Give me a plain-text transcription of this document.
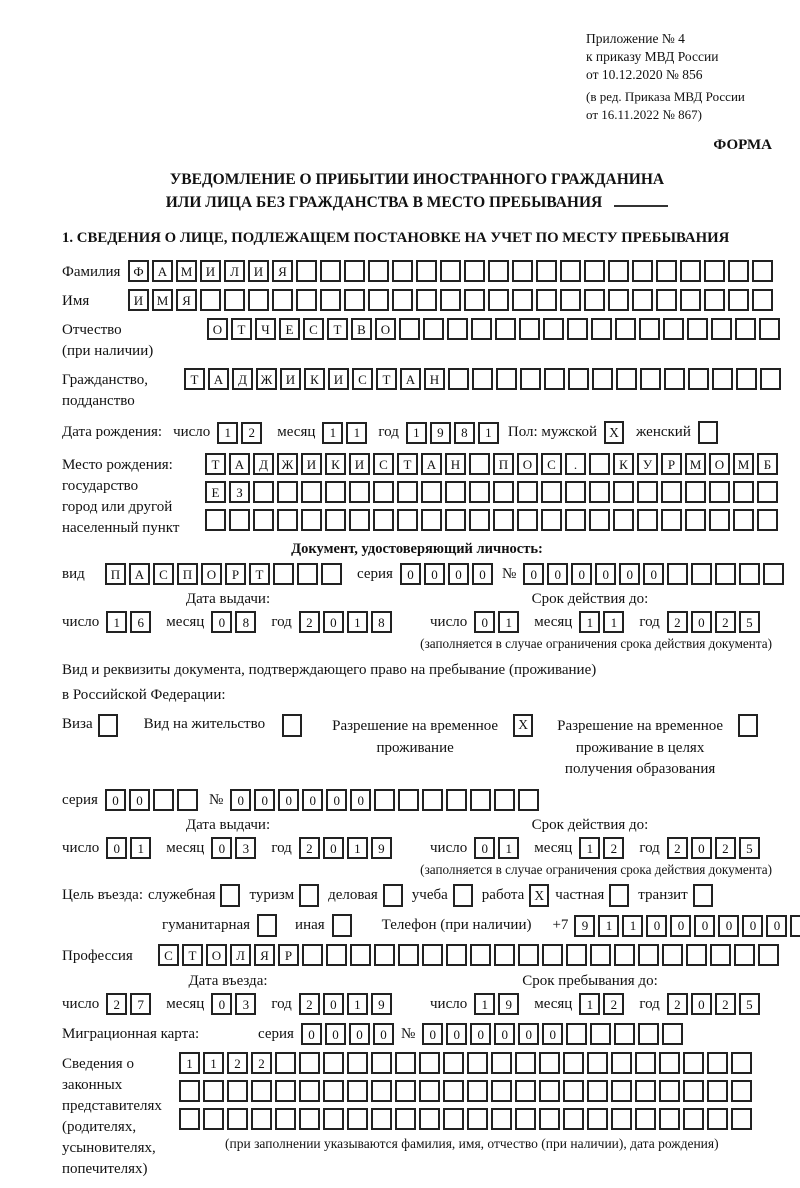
Приложение № 4
к приказу МВД России
от 10.12.2020 № 856
(в ред. Приказа МВД России
от 16.11.2022 № 867)
ФОРМА
УВЕДОМЛЕНИЕ О ПРИБЫТИИ ИНОСТРАННОГО ГРАЖДАНИНА
ИЛИ ЛИЦА БЕЗ ГРАЖДАНСТВА В МЕСТО ПРЕБЫВАНИЯ
1. СВЕДЕНИЯ О ЛИЦЕ, ПОДЛЕЖАЩЕМ ПОСТАНОВКЕ НА УЧЕТ ПО МЕСТУ ПРЕБЫВАНИЯ
Фамилия Ф	А	М	И	Л	И	Я
Имя	И	М	Я
Отчество
(при наличии)
О	Т	Ч	Е	С	Т	В	О
Гражданство,
подданство
Т	А	Д	Ж	И	К	И	С	Т	А	Н
Дата рождения: число	1	2	месяц	1	1	год	1	9	8	1	Пол: мужской X	женский
Место рождения:
государство
город или другой
населенный пункт
Т	А	Д	Ж	И	К	И	С	Т	А	Н	П	О	С	.	К	У	Р	М	О	М	Б
Е	З
Документ, удостоверяющий личность:
вид	П	А	С	П	О	Р	Т	серия	0	0	0	0	№	0	0	0	0	0	0
Дата выдачи:	Срок действия до:
число	1	6	месяц	0	8	год	2	0	1	8	число	0	1	месяц	1	1	год	2	0	2	5
(заполняется в случае ограничения срока действия документа)
Вид и реквизиты документа, подтверждающего право на пребывание (проживание)
в Российской Федерации:
Виза	Вид на жительство	Разрешение на временное проживание
X	Разрешение на временное проживание в целях получения образования
серия	0	0	№	0	0	0	0	0	0
Дата выдачи:	Срок действия до:
число	0	1	месяц	0	3	год	2	0	1	9	число	0	1	месяц	1	2	год	2	0	2	5
(заполняется в случае ограничения срока действия документа)
Цель въезда: служебная туризм деловая учеба работа X частная транзит
гуманитарная	иная	Телефон (при наличии) +7	9	1	1	0	0	0	0	0	0
Профессия	С	Т	О	Л	Я	Р
Дата въезда:	Срок пребывания до:
число	2	7	месяц	0	3	год	2	0	1	9	число	1	9	месяц	1	2	год	2	0	2	5
Миграционная карта:	серия	0	0	0	0 №	0	0	0	0	0	0
Сведения о
законных
представителях
(родителях,
усыновителях,
попечителях)
1	1	2	2
(при заполнении указываются фамилия, имя, отчество (при наличии), дата рождения)
